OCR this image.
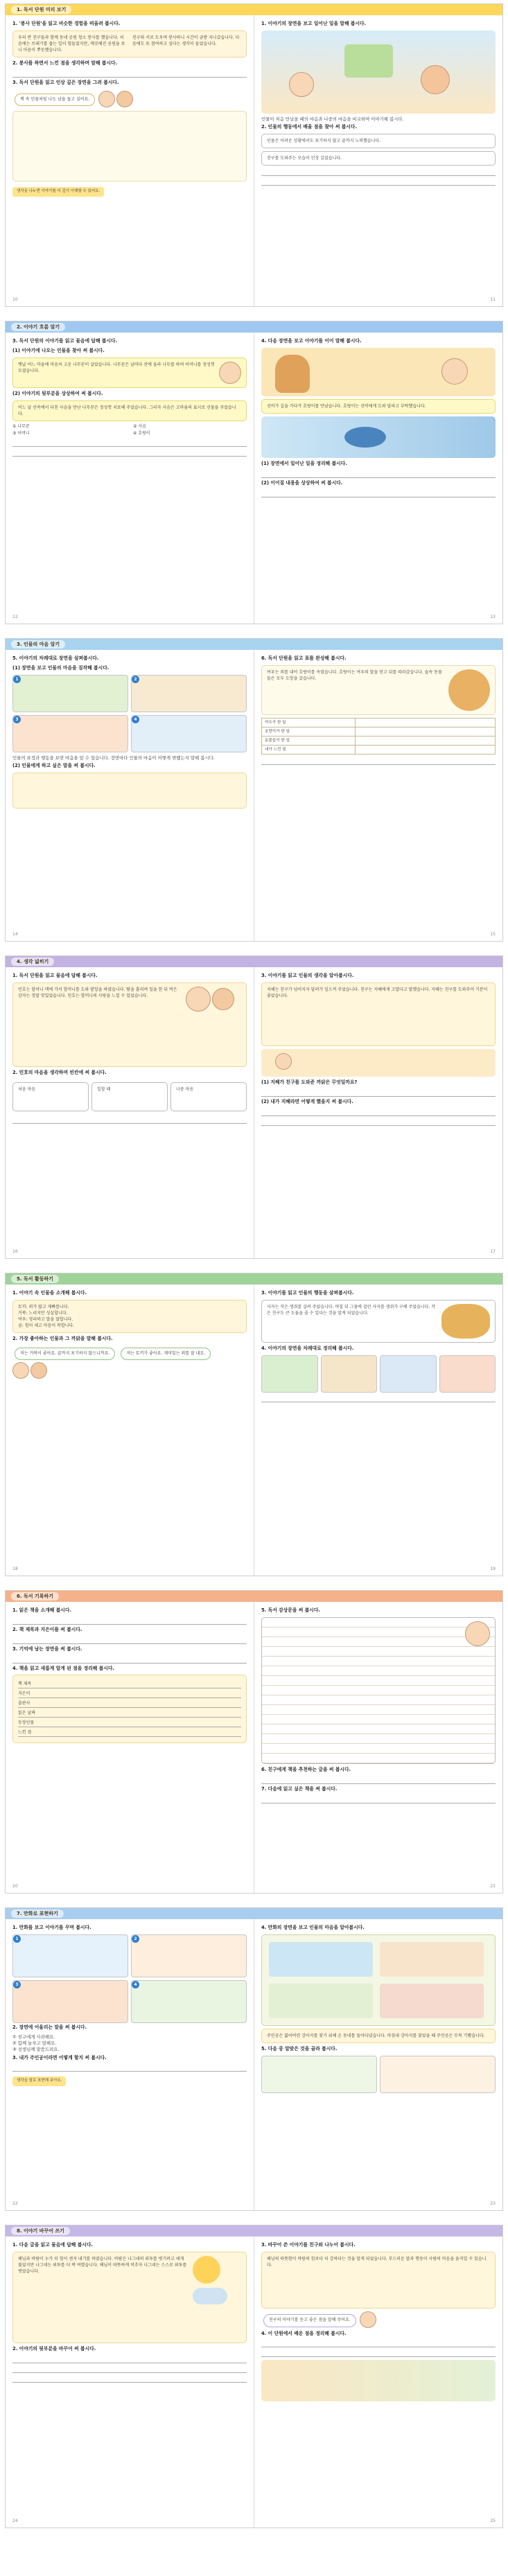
1. 독서 단원 미리 보기
1. '봉사 단원'을 읽고 비슷한 경험을 떠올려 봅시다.
우리 반 친구들과 함께 동네 공원 청소 봉사를 했습니다. 처음에는 쓰레기를 줍는 일이 힘들었지만, 깨끗해진 공원을 보니 마음이 뿌듯했습니다.
친구와 서로 도우며 봉사하니 시간이 금방 지나갔습니다. 다음에도 또 참여하고 싶다는 생각이 들었습니다.
2. 봉사를 하면서 느낀 점을 생각하며 말해 봅시다.
3. 독서 단원을 읽고 인상 깊은 장면을 그려 봅시다.
책 속 인물처럼 나도 남을 돕고 싶어요.
생각을 나누면 이야기를 더 깊이 이해할 수 있어요.
10
1. 이야기의 장면을 보고 일어난 일을 말해 봅시다.
인물이 처음 만났을 때의 마음과 나중의 마음을 비교하며 이야기해 봅시다.
2. 인물의 행동에서 배울 점을 찾아 써 봅시다.
인물은 어려운 상황에서도 포기하지 않고 끝까지 노력했습니다.
친구를 도와주는 모습이 인상 깊었습니다.
11
2. 이야기 흐름 알기
3. 독서 단원의 이야기를 읽고 물음에 답해 봅시다.
(1) 이야기에 나오는 인물을 찾아 써 봅시다.
옛날 어느 마을에 마음씨 고운 나무꾼이 살았습니다. 나무꾼은 날마다 산에 올라 나무를 하며 어머니를 정성껏 모셨습니다.
(2) 이야기의 뒷부분을 상상하여 써 봅시다.
어느 날 산속에서 다친 사슴을 만난 나무꾼은 정성껏 치료해 주었습니다. 그러자 사슴은 고마움의 표시로 선물을 주었습니다.
① 나무꾼	② 사슴
③ 어머니	④ 호랑이
12
4. 다음 장면을 보고 이야기를 이어 말해 봅시다.
선비가 길을 가다가 호랑이를 만났습니다. 호랑이는 선비에게 도와 달라고 부탁했습니다.
(1) 장면에서 일어난 일을 정리해 봅시다.
(2) 이어질 내용을 상상하여 써 봅시다.
13
3. 인물의 마음 알기
5. 이야기의 차례대로 장면을 살펴봅시다.
(1) 장면을 보고 인물의 마음을 짐작해 봅시다.
1	2
3	4
인물의 표정과 행동을 보면 마음을 알 수 있습니다. 장면마다 인물의 마음이 어떻게 변했는지 말해 봅시다.
(2) 인물에게 하고 싶은 말을 써 봅시다.
14
6. 독서 단원을 읽고 표를 완성해 봅시다.
여우는 꾀를 내어 호랑이를 속였습니다. 호랑이는 여우의 말을 믿고 뒤를 따라갔습니다. 숲속 동물들은 모두 도망을 갔습니다.
여우가 한 일	
호랑이가 한 일	
동물들이 한 일	
내가 느낀 점	
15
4. 생각 넓히기
1. 독서 단원을 읽고 물음에 답해 봅시다.
민호는 할머니 댁에 가서 할머니를 도와 밭일을 하였습니다. 땀을 흘리며 일을 한 뒤 먹은 감자는 정말 맛있었습니다. 민호는 할머니의 사랑을 느낄 수 있었습니다.

2. 민호의 마음을 생각하며 빈칸에 써 봅시다.
처음 마음	일할 때	나중 마음
16
3. 이야기를 읽고 인물의 생각을 알아봅시다.
지혜는 친구가 넘어지자 달려가 일으켜 주었습니다. 친구는 지혜에게 고맙다고 말했습니다. 지혜는 친구를 도와주어 기분이 좋았습니다.
(1) 지혜가 친구를 도와준 까닭은 무엇일까요?
(2) 내가 지혜라면 어떻게 했을지 써 봅시다.
17
5. 독서 활동하기
1. 이야기 속 인물을 소개해 봅시다.
토끼: 꾀가 많고 재빠릅니다.
거북: 느리지만 성실합니다.
여우: 영리하고 말을 잘합니다.
곰: 힘이 세고 마음이 착합니다.
2. 가장 좋아하는 인물과 그 까닭을 말해 봅시다.
저는 거북이 좋아요. 끝까지 포기하지 않으니까요.	저는 토끼가 좋아요. 재미있는 꾀를 잘 내요.

18
3. 이야기를 읽고 인물의 행동을 살펴봅시다.
사자는 작은 생쥐를 살려 주었습니다. 며칠 뒤 그물에 걸린 사자를 생쥐가 구해 주었습니다. 작은 친구도 큰 도움을 줄 수 있다는 것을 알게 되었습니다.
4. 이야기의 장면을 차례대로 정리해 봅시다.
19
6. 독서 기록하기
1. 읽은 책을 소개해 봅시다.
2. 책 제목과 지은이를 써 봅시다.
3. 기억에 남는 장면을 써 봅시다.
4. 책을 읽고 새롭게 알게 된 점을 정리해 봅시다.
책 제목
지은이
출판사
읽은 날짜
등장인물
느낀 점
20
5. 독서 감상문을 써 봅시다.
6. 친구에게 책을 추천하는 글을 써 봅시다.
7. 다음에 읽고 싶은 책을 써 봅시다.
21
7. 만화로 표현하기
1. 만화를 보고 이야기를 꾸며 봅시다.
1	2
3	4
2. 장면에 어울리는 말을 써 봅시다.
① 친구에게 사과해요.
② 함께 놀자고 말해요.
③ 선생님께 말씀드려요.
3. 내가 주인공이라면 어떻게 할지 써 봅시다.
생각을 말로 표현해 보아요.
22
4. 만화의 장면을 보고 인물의 마음을 알아봅시다.
주인공은 잃어버린 강아지를 찾기 위해 온 동네를 돌아다녔습니다. 마침내 강아지를 찾았을 때 주인공은 무척 기뻤습니다.
5. 다음 중 알맞은 것을 골라 봅시다.
23
8. 이야기 바꾸어 쓰기
1. 다음 글을 읽고 물음에 답해 봅시다.
해님과 바람이 누가 더 힘이 센지 내기를 하였습니다. 바람은 나그네의 외투를 벗기려고 세게 불었지만 나그네는 외투를 더 꽉 여몄습니다. 해님이 따뜻하게 비추자 나그네는 스스로 외투를 벗었습니다.
2. 이야기의 뒷부분을 바꾸어 써 봅시다.
24
3. 바꾸어 쓴 이야기를 친구와 나누어 봅시다.
해님의 따뜻함이 바람의 힘보다 더 강하다는 것을 알게 되었습니다. 부드러운 말과 행동이 사람의 마음을 움직일 수 있습니다.
친구의 이야기를 듣고 좋은 점을 말해 주어요.
4. 이 단원에서 배운 점을 정리해 봅시다.
25
